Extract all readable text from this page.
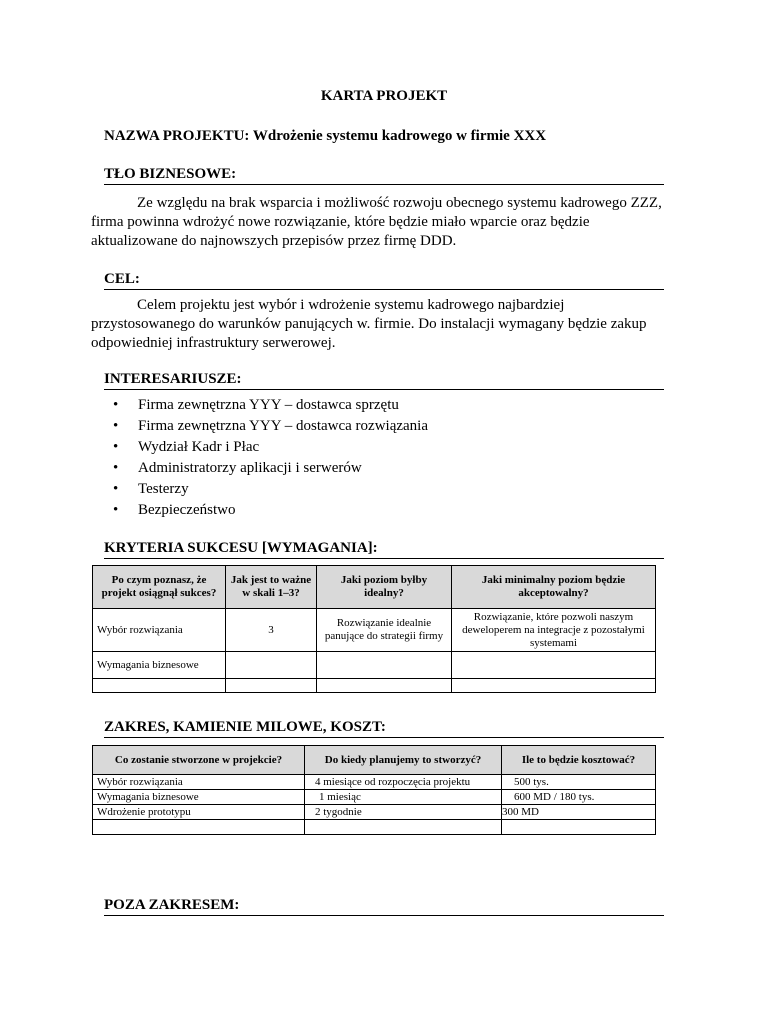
KARTA PROJEKT
NAZWA PROJEKTU: Wdrożenie systemu kadrowego w firmie XXX
TŁO BIZNESOWE:
Ze względu na brak wsparcia i możliwość rozwoju obecnego systemu kadrowego ZZZ, firma powinna wdrożyć nowe rozwiązanie, które będzie miało wparcie oraz będzie aktualizowane do najnowszych przepisów przez firmę DDD.
CEL:
Celem projektu jest wybór i wdrożenie systemu kadrowego najbardziej przystosowanego do warunków panujących w. firmie. Do instalacji wymagany będzie zakup odpowiedniej infrastruktury serwerowej.
INTERESARIUSZE:
• Firma zewnętrzna YYY – dostawca sprzętu
• Firma zewnętrzna YYY – dostawca rozwiązania
• Wydział Kadr i Płac
• Administratorzy aplikacji i serwerów
• Testerzy
• Bezpieczeństwo
KRYTERIA SUKCESU [WYMAGANIA]:
Po czym poznasz, że projekt osiągnął sukces?	Jak jest to ważne w skali 1–3?	Jaki poziom byłby idealny?	Jaki minimalny poziom będzie akceptowalny?
Wybór rozwiązania	3	Rozwiązanie idealnie panujące do strategii firmy	Rozwiązanie, które pozwoli naszym deweloperem na integracje z pozostałymi systemami
Wymagania biznesowe			

ZAKRES, KAMIENIE MILOWE, KOSZT:
Co zostanie stworzone w projekcie?	Do kiedy planujemy to stworzyć?	Ile to będzie kosztować?
Wybór rozwiązania	4 miesiące od rozpoczęcia projektu	500 tys.
Wymagania biznesowe	1 miesiąc	600 MD / 180 tys.
Wdrożenie prototypu	2 tygodnie	300 MD

POZA ZAKRESEM:
